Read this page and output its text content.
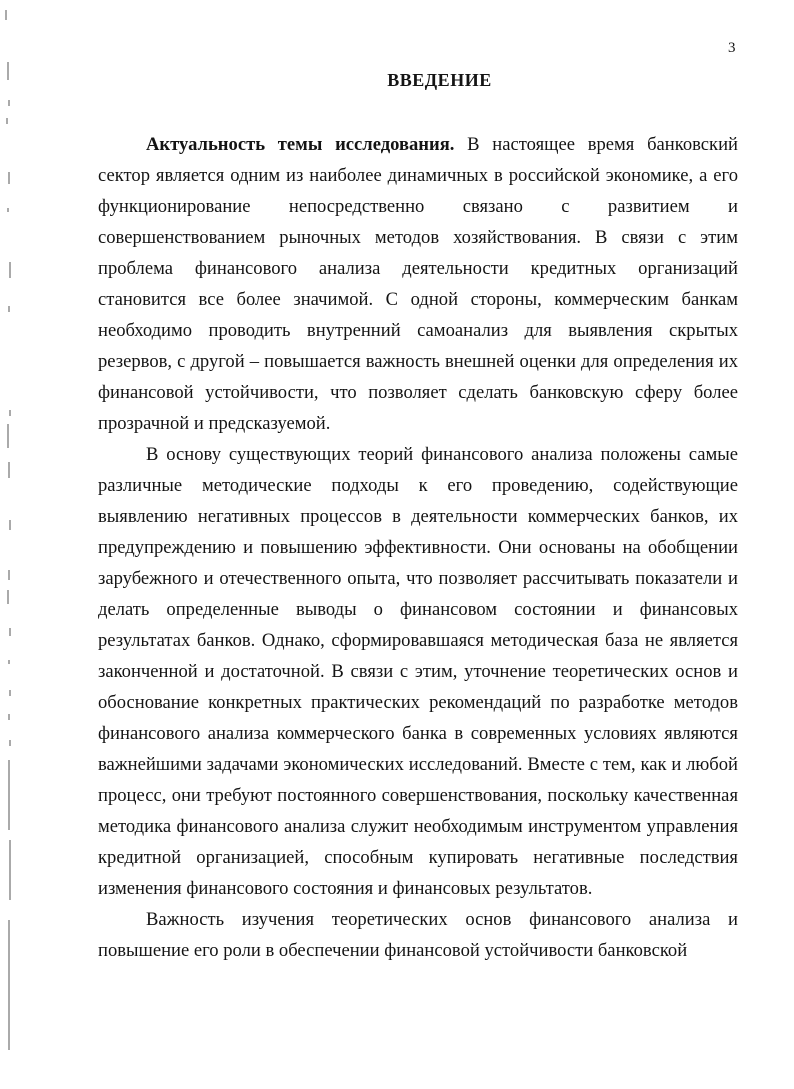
3
ВВЕДЕНИЕ

Актуальность темы исследования. В настоящее время банковский сектор является одним из наиболее динамичных в российской экономике, а его функционирование непосредственно связано с развитием и совершенствованием рыночных методов хозяйствования. В связи с этим проблема финансового анализа деятельности кредитных организаций становится все более значимой. С одной стороны, коммерческим банкам необходимо проводить внутренний самоанализ для выявления скрытых резервов, с другой – повышается важность внешней оценки для определения их финансовой устойчивости, что позволяет сделать банковскую сферу более прозрачной и предсказуемой.

В основу существующих теорий финансового анализа положены самые различные методические подходы к его проведению, содействующие выявлению негативных процессов в деятельности коммерческих банков, их предупреждению и повышению эффективности. Они основаны на обобщении зарубежного и отечественного опыта, что позволяет рассчитывать показатели и делать определенные выводы о финансовом состоянии и финансовых результатах банков. Однако, сформировавшаяся методическая база не является законченной и достаточной. В связи с этим, уточнение теоретических основ и обоснование конкретных практических рекомендаций по разработке методов финансового анализа коммерческого банка в современных условиях являются важнейшими задачами экономических исследований. Вместе с тем, как и любой процесс, они требуют постоянного совершенствования, поскольку качественная методика финансового анализа служит необходимым инструментом управления кредитной организацией, способным купировать негативные последствия изменения финансового состояния и финансовых результатов.

Важность изучения теоретических основ финансового анализа и повышение его роли в обеспечении финансовой устойчивости банковской
